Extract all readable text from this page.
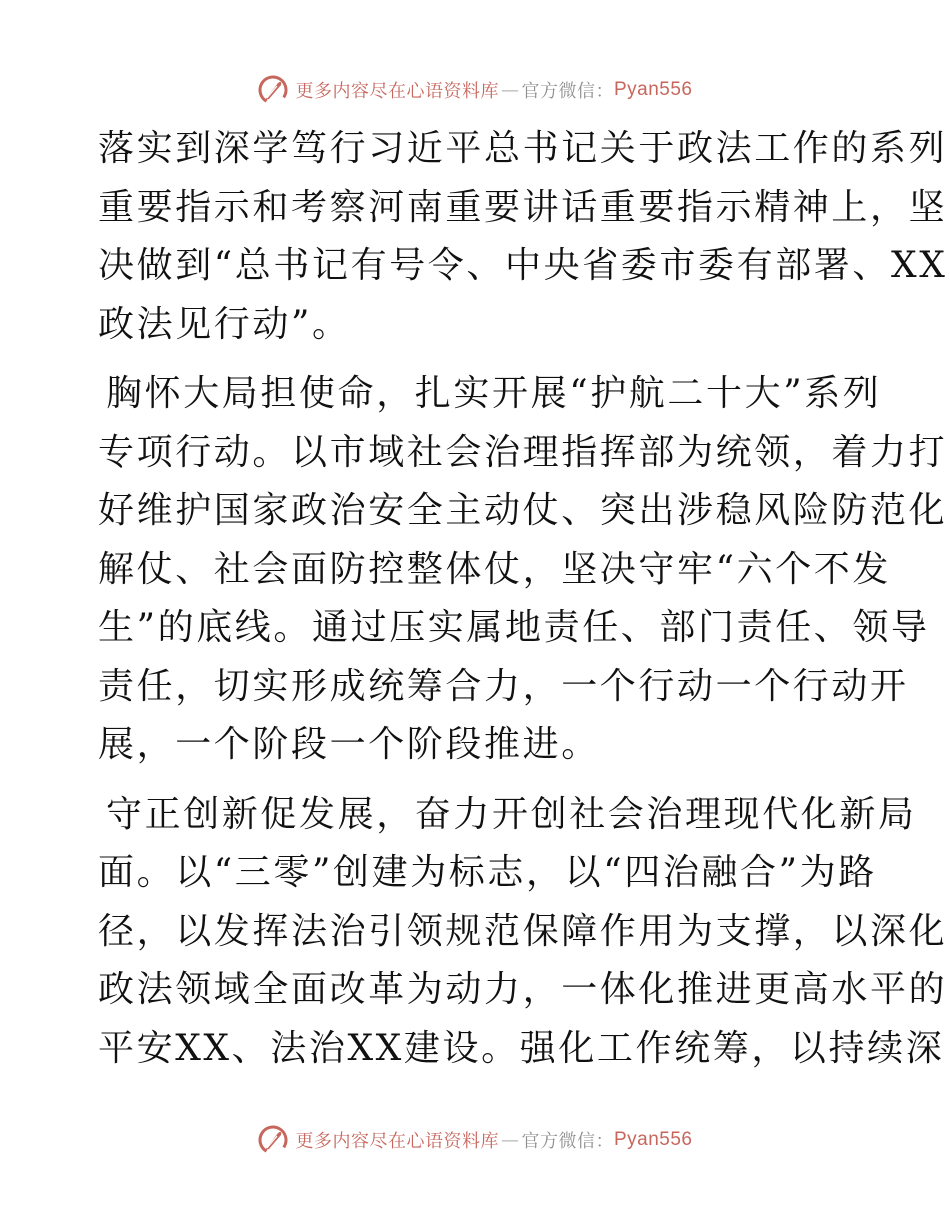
更多内容尽在心语资料库 — 官方微信： Pyan556

落实到深学笃行习近平总书记关于政法工作的系列
重要指示和考察河南重要讲话重要指示精神上，坚
决做到“总书记有号令、中央省委市委有部署、XX
政法见行动”。

胸怀大局担使命，扎实开展“护航二十大”系列
专项行动。以市域社会治理指挥部为统领，着力打
好维护国家政治安全主动仗、突出涉稳风险防范化
解仗、社会面防控整体仗，坚决守牢“六个不发
生”的底线。通过压实属地责任、部门责任、领导
责任，切实形成统筹合力，一个行动一个行动开
展，一个阶段一个阶段推进。

守正创新促发展，奋力开创社会治理现代化新局
面。以“三零”创建为标志，以“四治融合”为路
径，以发挥法治引领规范保障作用为支撑，以深化
政法领域全面改革为动力，一体化推进更高水平的
平安XX、法治XX建设。强化工作统筹，以持续深

更多内容尽在心语资料库 — 官方微信： Pyan556
